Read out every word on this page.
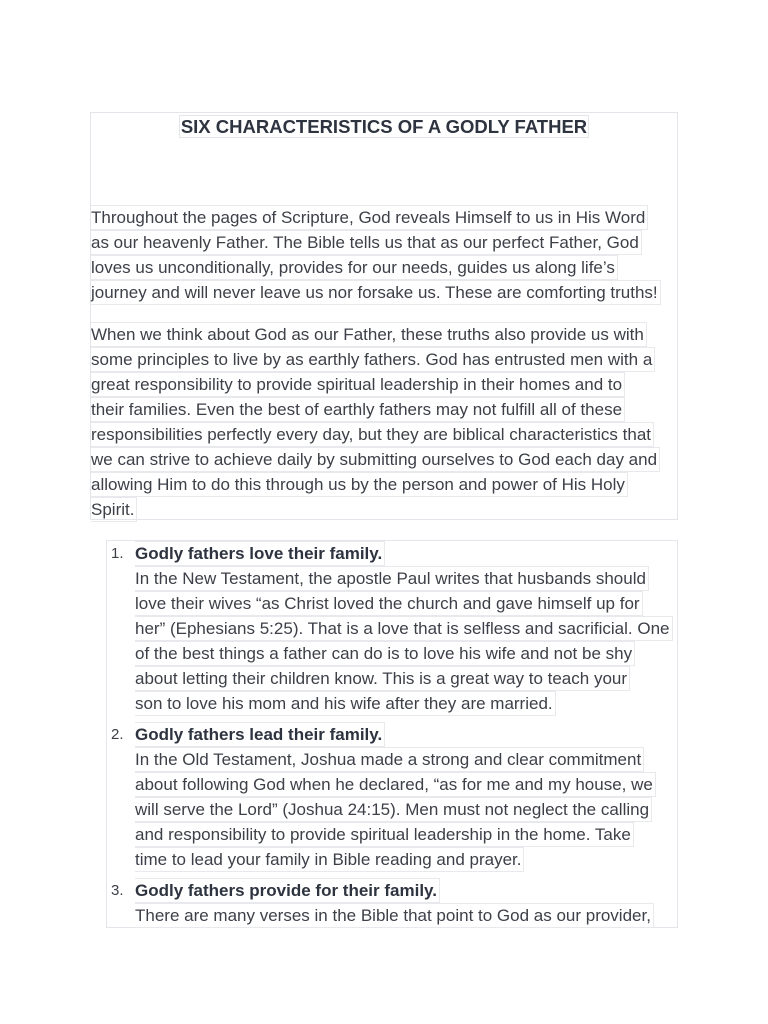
SIX CHARACTERISTICS OF A GODLY FATHER
Throughout the pages of Scripture, God reveals Himself to us in His Word
as our heavenly Father. The Bible tells us that as our perfect Father, God
loves us unconditionally, provides for our needs, guides us along life’s
journey and will never leave us nor forsake us. These are comforting truths!
When we think about God as our Father, these truths also provide us with
some principles to live by as earthly fathers. God has entrusted men with a
great responsibility to provide spiritual leadership in their homes and to
their families. Even the best of earthly fathers may not fulfill all of these
responsibilities perfectly every day, but they are biblical characteristics that
we can strive to achieve daily by submitting ourselves to God each day and
allowing Him to do this through us by the person and power of His Holy
Spirit.
1. Godly fathers love their family.
In the New Testament, the apostle Paul writes that husbands should
love their wives “as Christ loved the church and gave himself up for
her” (Ephesians 5:25). That is a love that is selfless and sacrificial. One
of the best things a father can do is to love his wife and not be shy
about letting their children know. This is a great way to teach your
son to love his mom and his wife after they are married.
2. Godly fathers lead their family.
In the Old Testament, Joshua made a strong and clear commitment
about following God when he declared, “as for me and my house, we
will serve the Lord” (Joshua 24:15). Men must not neglect the calling
and responsibility to provide spiritual leadership in the home. Take
time to lead your family in Bible reading and prayer.
3. Godly fathers provide for their family.
There are many verses in the Bible that point to God as our provider,
